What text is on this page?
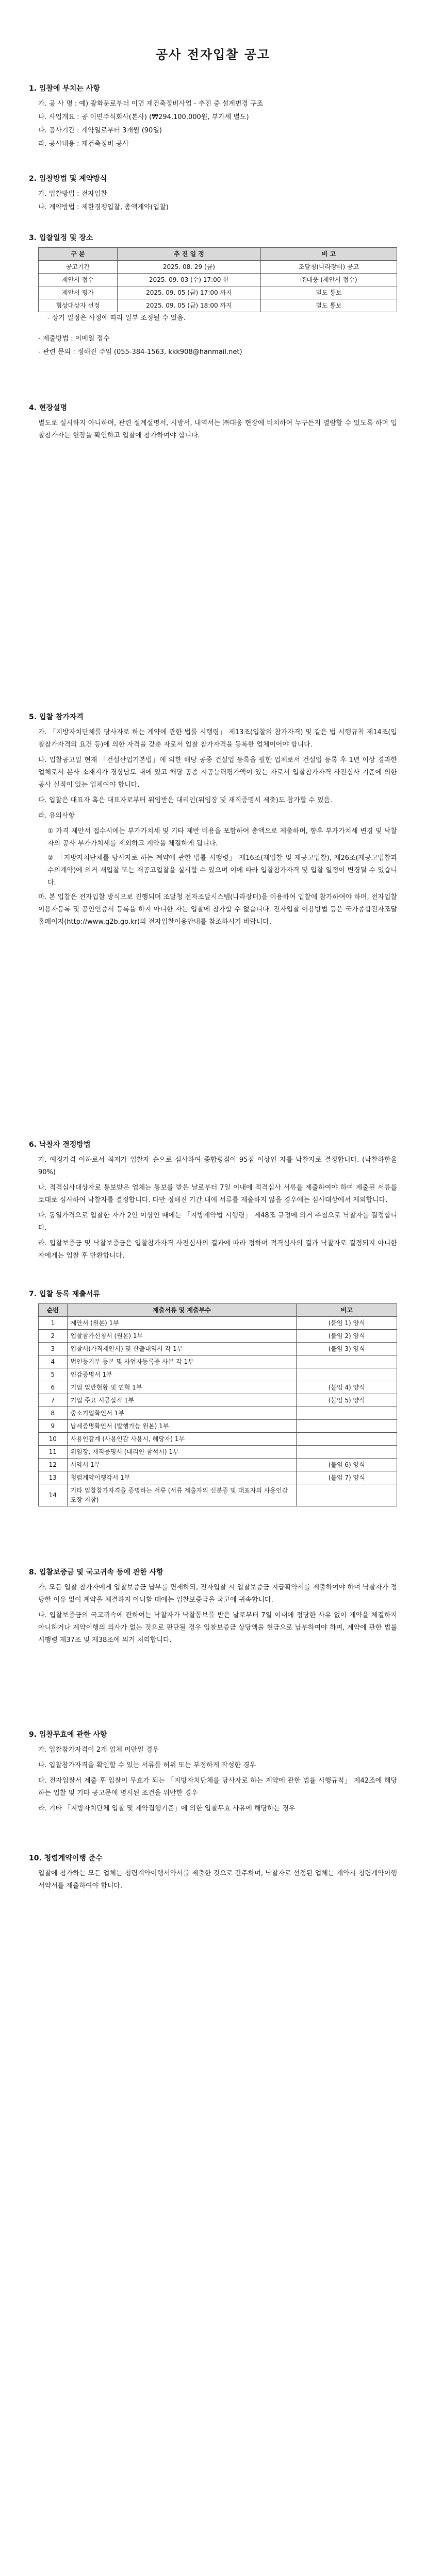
공사 전자입찰 공고
1. 입찰에 부치는 사항
가. 공 사 명 : 예) 광화문로부터 이면 재건축정비사업 - 추진 중 설계변경 구조
나. 사업개요 : 공 이면주식회사(본사) (₩294,100,000원, 부가세 별도)
다. 공사기간 : 계약일로부터 3개월 (90일)
라. 공사내용 : 재건축정비 공사
2. 입찰방법 및 계약방식
가. 입찰방법 : 전자입찰
나. 계약방법 : 제한경쟁입찰, 총액계약(입찰)
3. 입찰일정 및 장소
구 분	추 진 일 정	비 고
공고기간	2025. 08. 29 (금)	조달청(나라장터) 공고
제안서 접수	2025. 09. 03 (수) 17:00 한	㈜대웅 (제안서 접수)
제안서 평가	2025. 09. 05 (금) 17:00 까지	별도 통보
협상대상자 선정	2025. 09. 05 (금) 18:00 까지	별도 통보
- 상기 일정은 사정에 따라 일부 조정될 수 있음.
- 제출방법 : 이메일 접수
- 관련 문의 : 정해진 주임 (055-384-1563, kkk908@hanmail.net)
4. 현장설명
별도로 실시하지 아니하며, 관련 설계설명서, 시방서, 내역서는 ㈜대웅 현장에 비치하여 누구든지 열람할 수 있도록 하며 입찰참가자는 현장을 확인하고 입찰에 참가하여야 합니다.
5. 입찰 참가자격
가. 「지방자치단체를 당사자로 하는 계약에 관한 법률 시행령」 제13조(입찰의 참가자격) 및 같은 법 시행규칙 제14조(입찰참가자격의 요건 등)에 의한 자격을 갖춘 자로서 입찰 참가자격을 등록한 업체이어야 합니다.
나. 입찰공고일 현재 「건설산업기본법」에 의한 해당 공종 건설업 등록을 필한 업체로서 건설업 등록 후 1년 이상 경과한 업체로서 본사 소재지가 경상남도 내에 있고 해당 공종 시공능력평가액이 있는 자로서 입찰참가자격 사전심사 기준에 의한 공사 실적이 있는 업체여야 합니다.
다. 입찰은 대표자 혹은 대표자로부터 위임받은 대리인(위임장 및 재직증명서 제출)도 참가할 수 있음.
라. 유의사항
① 가격 제안서 접수시에는 부가가치세 및 기타 제반 비용을 포함하여 총액으로 제출하며, 향후 부가가치세 변경 및 낙찰자의 공사 부가가치세를 제외하고 계약을 체결하게 됩니다.
② 「지방자치단체를 당사자로 하는 계약에 관한 법률 시행령」 제16조(재입찰 및 재공고입찰), 제26조(재공고입찰과 수의계약)에 의거 재입찰 또는 재공고입찰을 실시할 수 있으며 이에 따라 입찰참가자격 및 입찰 일정이 변경될 수 있습니다.
마. 본 입찰은 전자입찰 방식으로 진행되며 조달청 전자조달시스템(나라장터)을 이용하여 입찰에 참가하여야 하며, 전자입찰 이용자등록 및 공인인증서 등록을 하지 아니한 자는 입찰에 참가할 수 없습니다. 전자입찰 이용방법 등은 국가종합전자조달 홈페이지(http://www.g2b.go.kr)의 전자입찰이용안내를 참조하시기 바랍니다.
6. 낙찰자 결정방법
가. 예정가격 이하로서 최저가 입찰자 순으로 심사하여 종합평점이 95점 이상인 자를 낙찰자로 결정합니다. (낙찰하한율 90%)
나. 적격심사대상자로 통보받은 업체는 통보를 받은 날로부터 7일 이내에 적격심사 서류를 제출하여야 하며 제출된 서류를 토대로 심사하여 낙찰자를 결정합니다. 다만 정해진 기간 내에 서류를 제출하지 않을 경우에는 심사대상에서 제외합니다.
다. 동일가격으로 입찰한 자가 2인 이상인 때에는 「지방계약법 시행령」 제48조 규정에 의거 추첨으로 낙찰자를 결정합니다.
라. 입찰보증금 및 낙찰보증금은 입찰참가자격 사전심사의 결과에 따라 정하며 적격심사의 결과 낙찰자로 결정되지 아니한 자에게는 입찰 후 반환합니다.
7. 입찰 등록 제출서류
순번	제출서류 및 제출부수	비고
1	제안서 (원본) 1부	(붙임 1) 양식
2	입찰참가신청서 (원본) 1부	(붙임 2) 양식
3	입찰서(가격제안서) 및 산출내역서 각 1부	(붙임 3) 양식
4	법인등기부 등본 및 사업자등록증 사본 각 1부	
5	인감증명서 1부	
6	기업 일반현황 및 연혁 1부	(붙임 4) 양식
7	기업 주요 시공실적 1부	(붙임 5) 양식
8	중소기업확인서 1부	
9	납세증명확인서 (발행가능 원본) 1부	
10	사용인감계 (사용인감 사용시, 해당자) 1부	
11	위임장, 재직증명서 (대리인 참석시) 1부	
12	서약서 1부	(붙임 6) 양식
13	청렴계약이행각서 1부	(붙임 7) 양식
14	기타 입찰참가자격을 증명하는 서류 (서류 제출자의 신분증 및 대표자의 사용인감도장 지참)	
8. 입찰보증금 및 국고귀속 등에 관한 사항
가. 모든 입찰 참가자에게 입찰보증금 납부를 면제하되, 전자입찰 시 입찰보증금 지급확약서를 제출하여야 하며 낙찰자가 정당한 이유 없이 계약을 체결하지 아니할 때에는 입찰보증금을 국고에 귀속합니다.
나. 입찰보증금의 국고귀속에 관하여는 낙찰자가 낙찰통보를 받은 날로부터 7일 이내에 정당한 사유 없이 계약을 체결하지 아니하거나 계약이행의 의사가 없는 것으로 판단될 경우 입찰보증금 상당액을 현금으로 납부하여야 하며, 계약에 관한 법률 시행령 제37조 및 제38조에 의거 처리합니다.
9. 입찰무효에 관한 사항
가. 입찰참가자격이 2개 업체 미만일 경우
나. 입찰참가자격을 확인할 수 있는 서류를 허위 또는 부정하게 작성한 경우
다. 전자입찰서 제출 후 입찰이 무효가 되는 「지방자치단체를 당사자로 하는 계약에 관한 법률 시행규칙」 제42조에 해당하는 입찰 및 기타 공고문에 명시된 조건을 위반한 경우
라. 기타 「지방자치단체 입찰 및 계약집행기준」에 의한 입찰무효 사유에 해당하는 경우
10. 청렴계약이행 준수
입찰에 참가하는 모든 업체는 청렴계약이행서약서를 제출한 것으로 간주하며, 낙찰자로 선정된 업체는 계약시 청렴계약이행서약서를 제출하여야 합니다.
